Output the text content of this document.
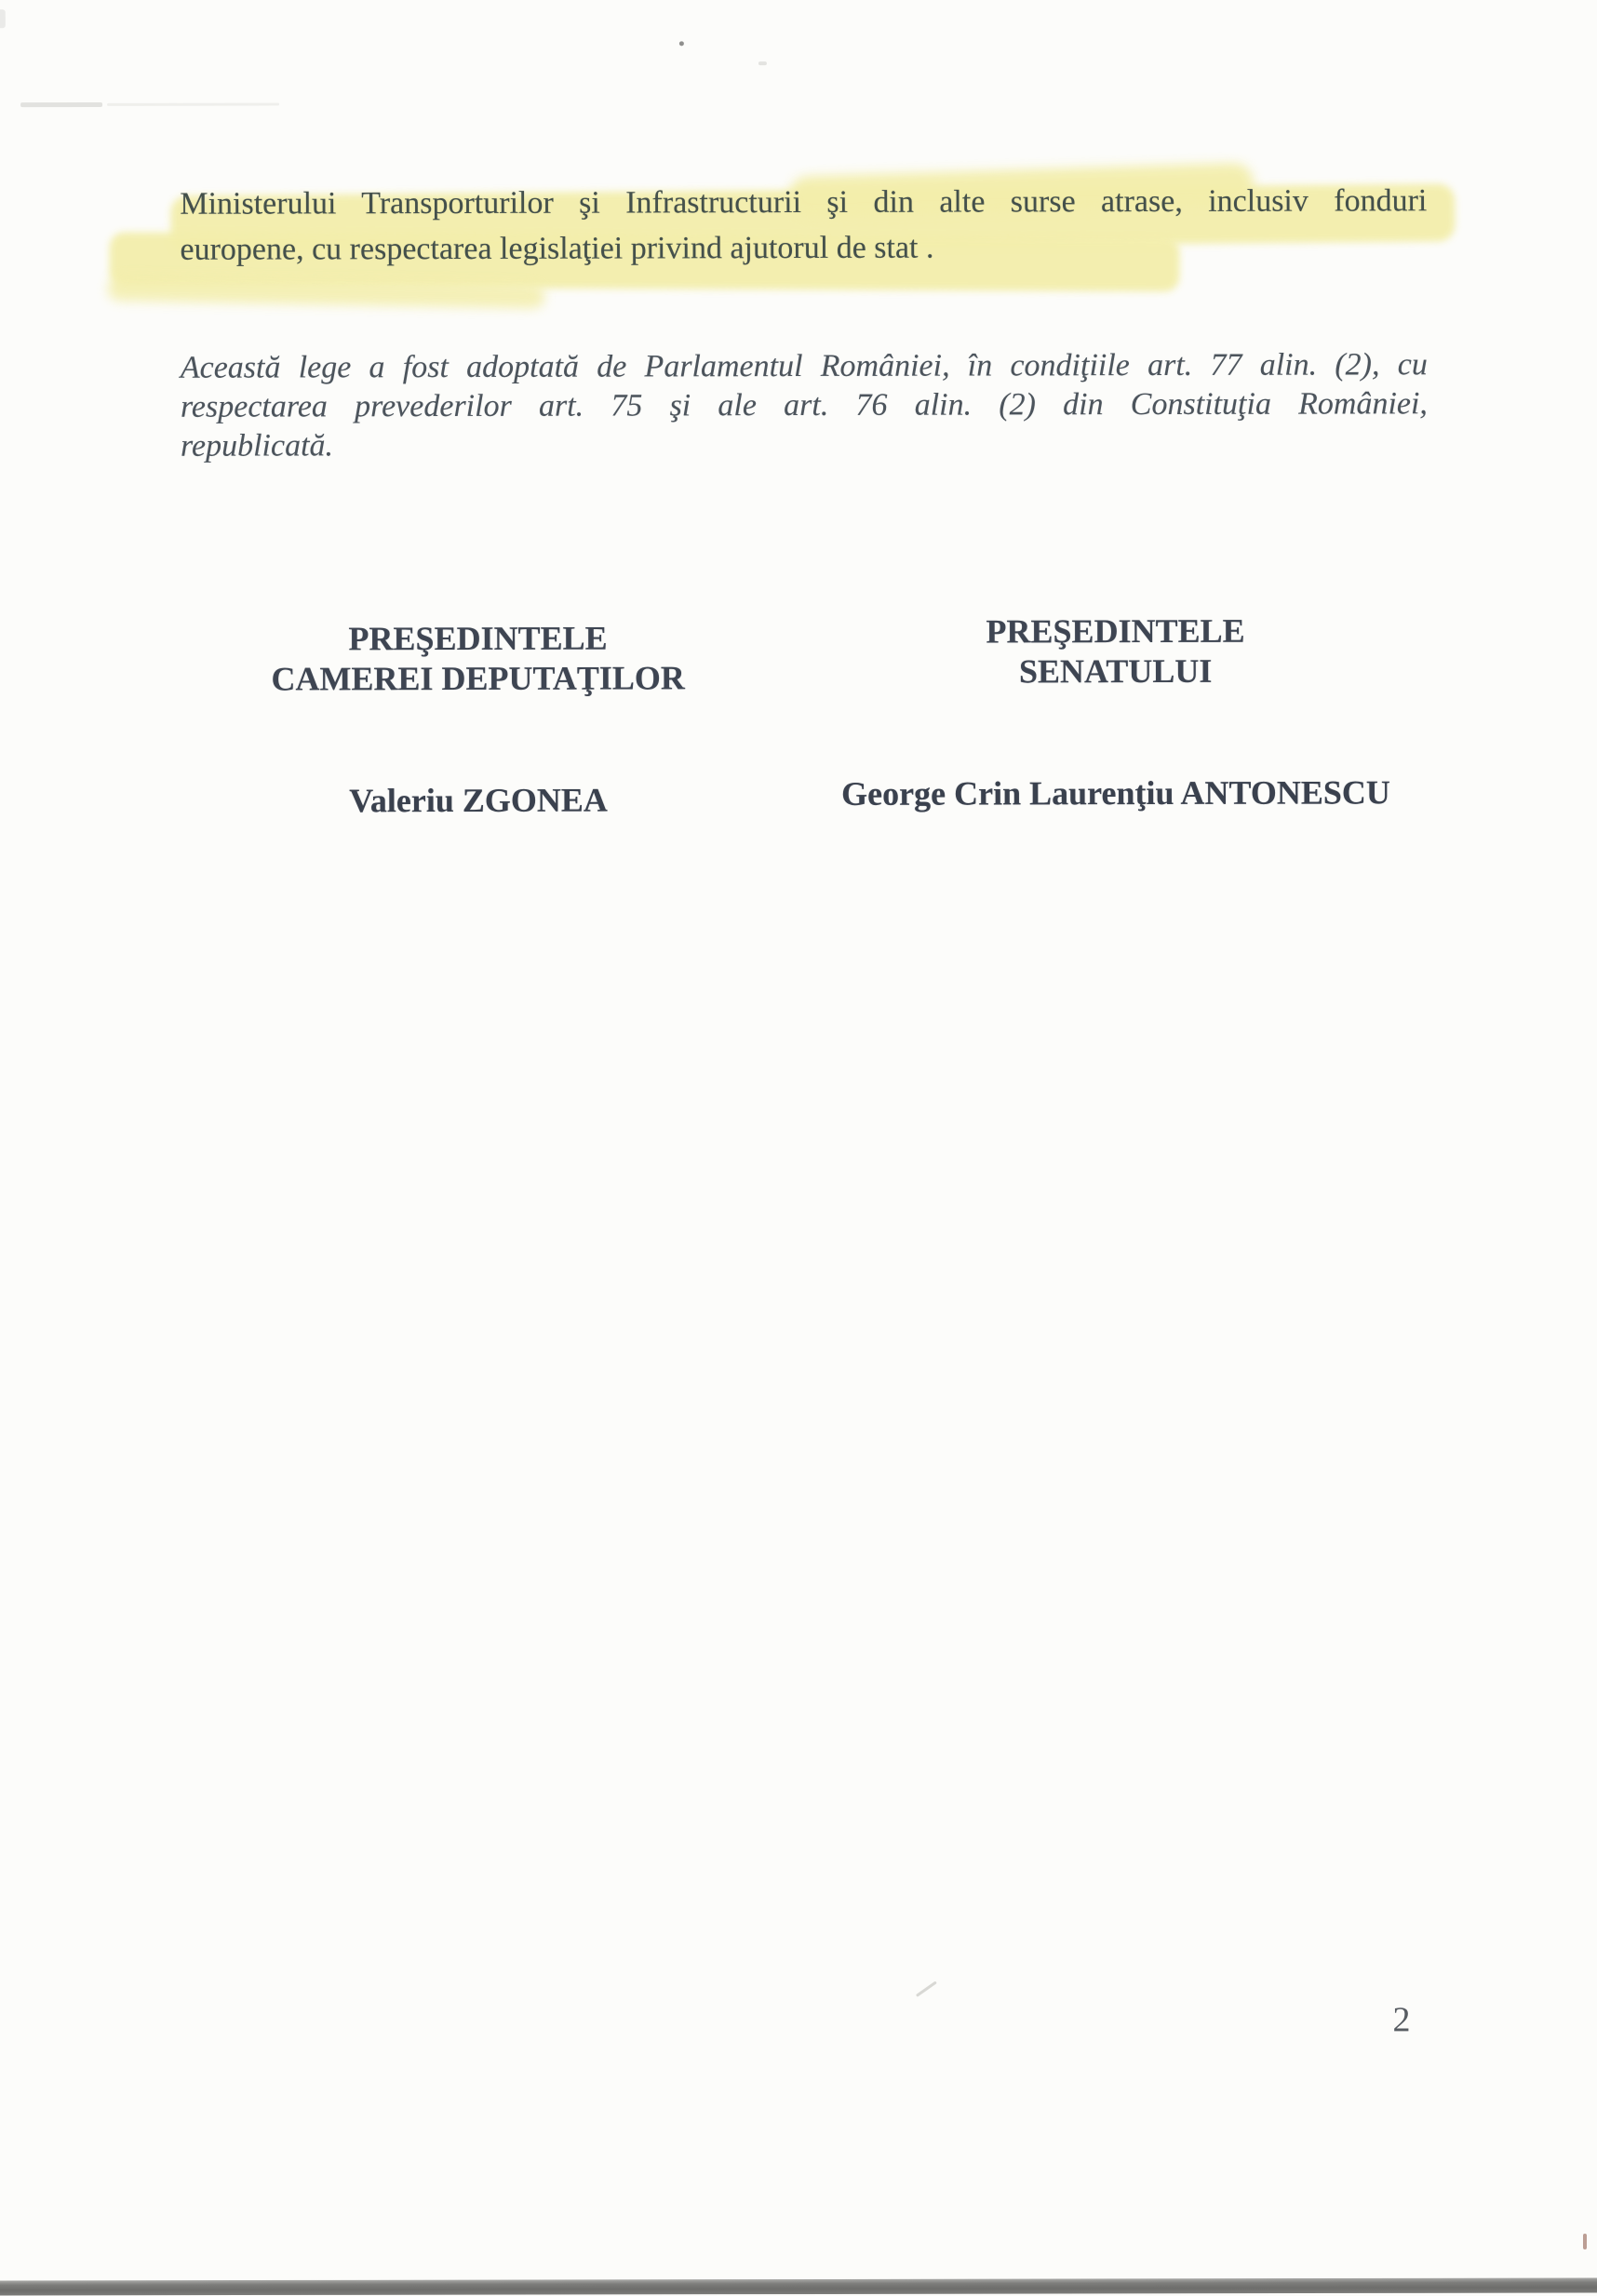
Ministerului Transporturilor şi Infrastructurii şi din alte surse atrase, inclusiv fonduri
europene, cu respectarea legislaţiei privind ajutorul de stat .
Această lege a fost adoptată de Parlamentul României, în condiţiile art. 77 alin. (2), cu
respectarea prevederilor art. 75 şi ale art. 76 alin. (2) din Constituţia României,
republicată.
PREŞEDINTELE
CAMEREI DEPUTAŢILOR
PREŞEDINTELE
SENATULUI
Valeriu ZGONEA	George Crin Laurenţiu ANTONESCU
2
